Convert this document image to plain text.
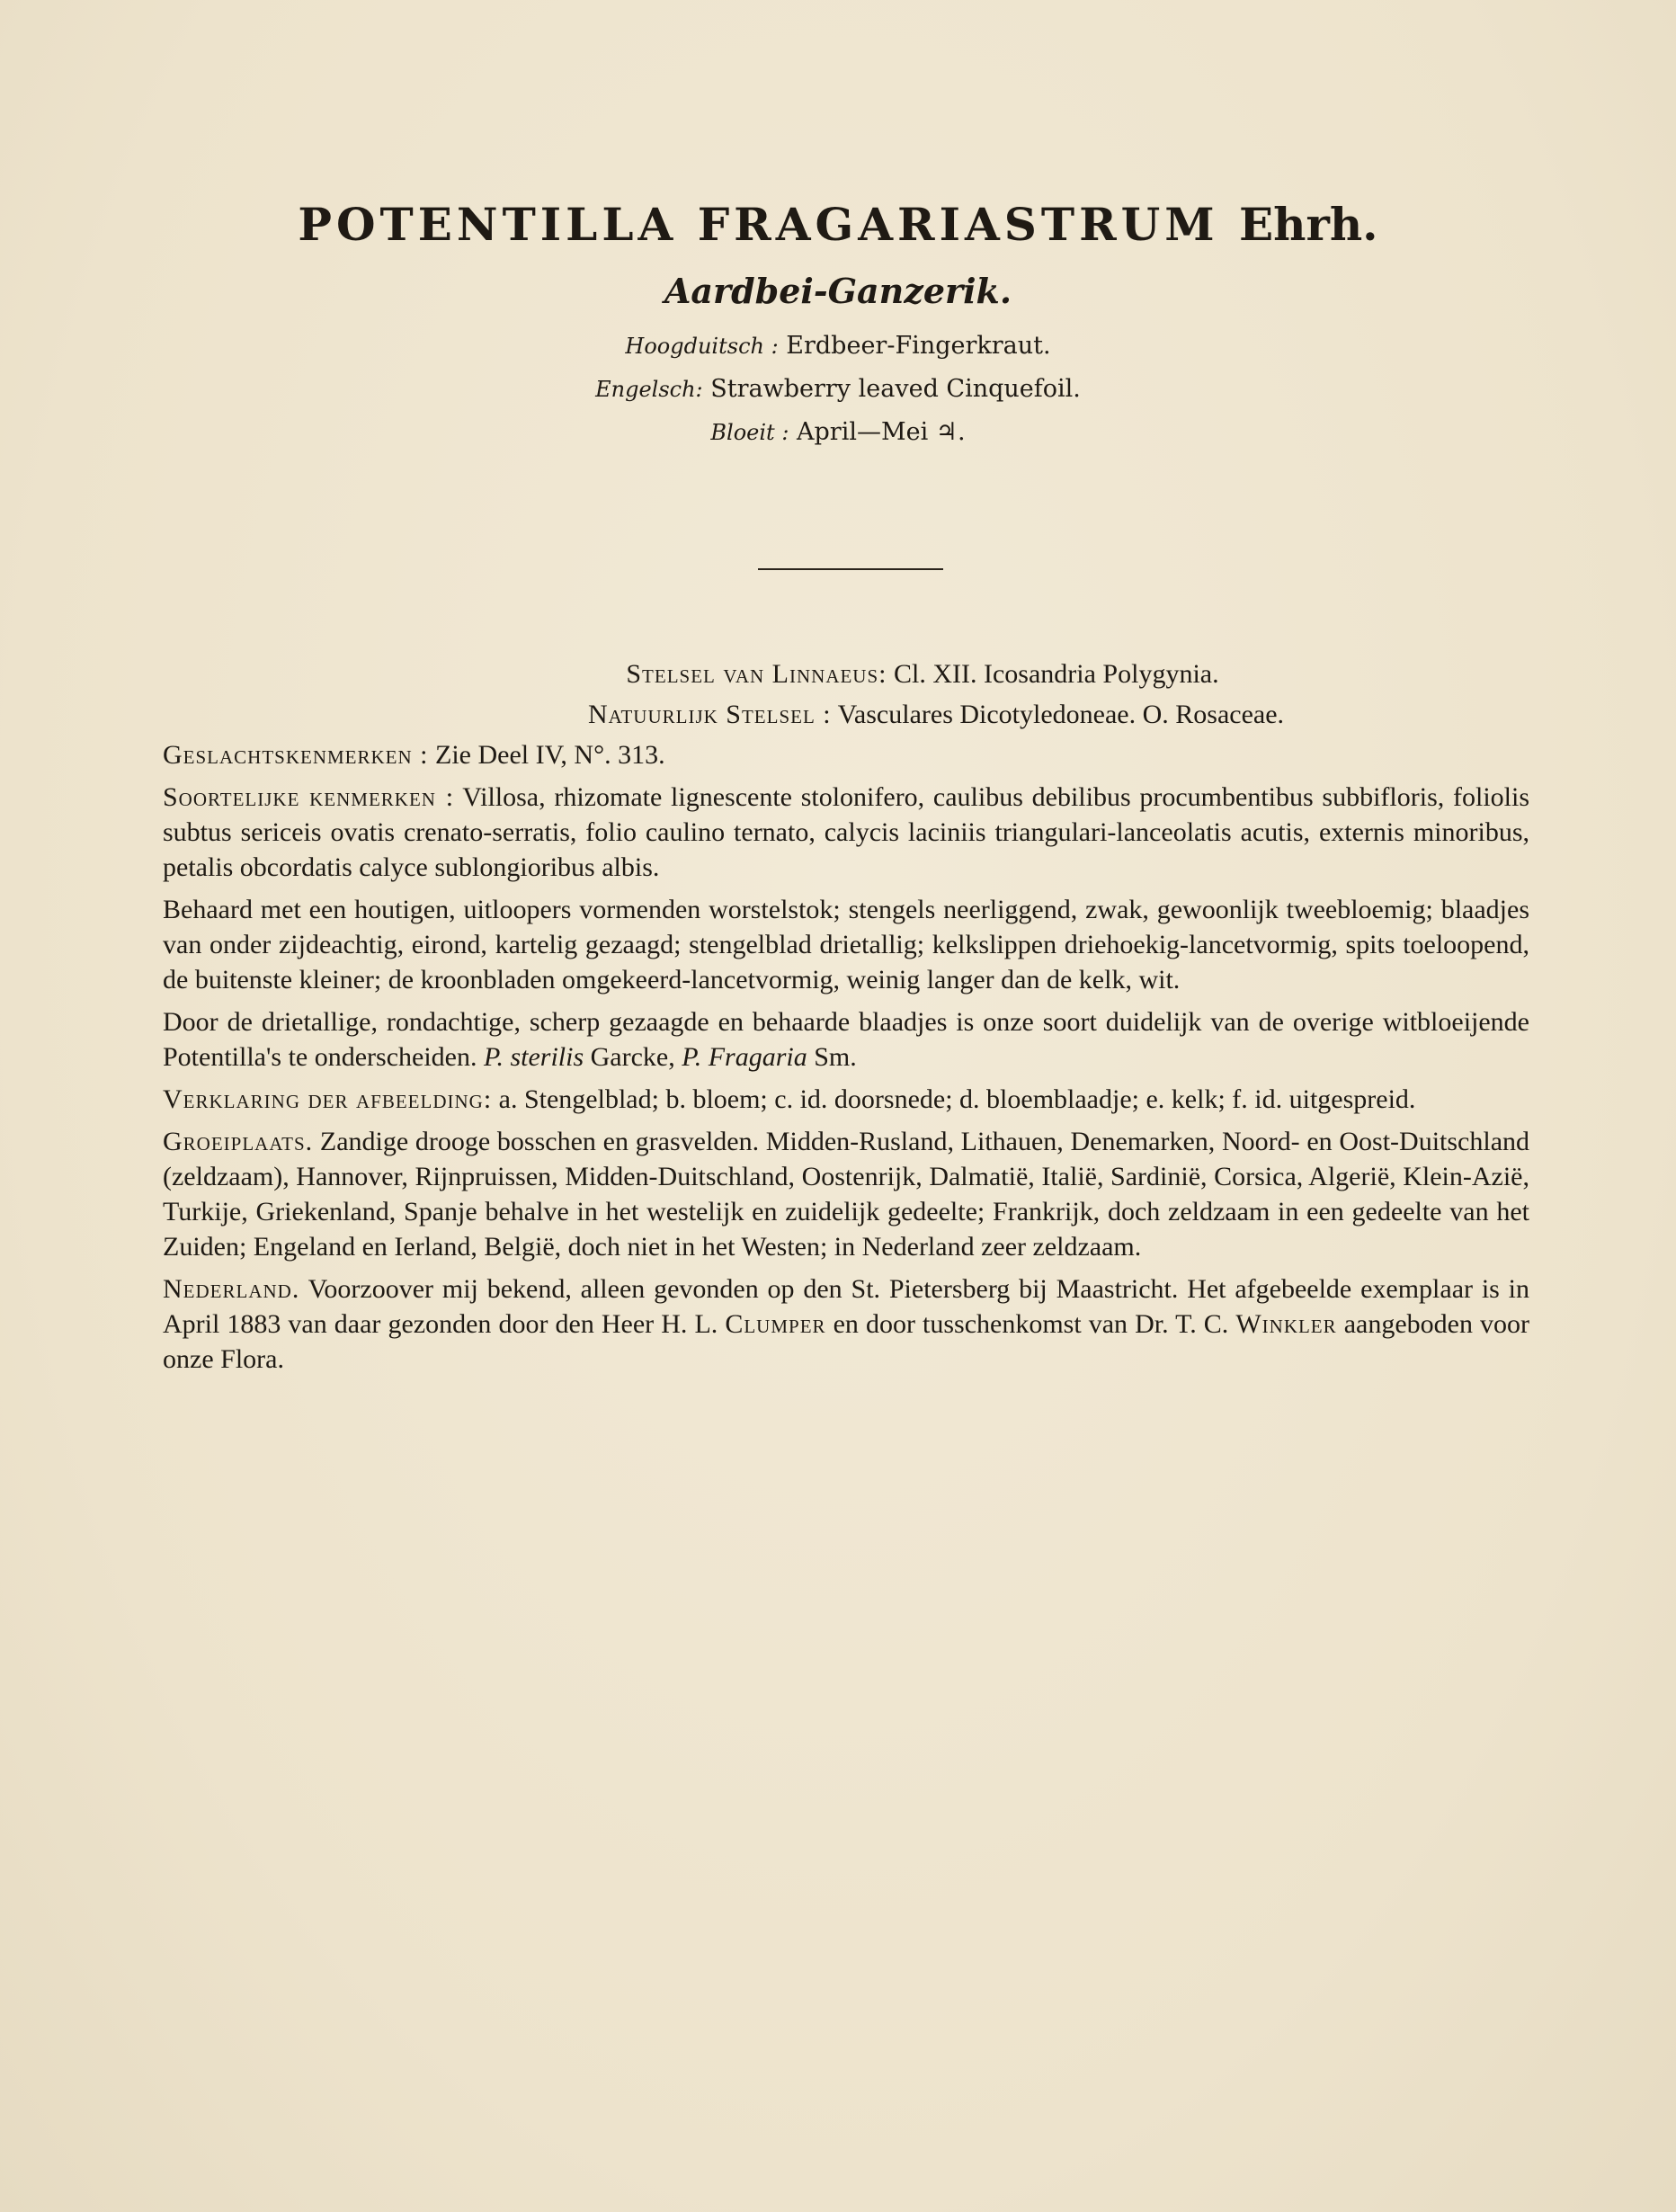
POTENTILLA FRAGARIASTRUM Ehrh.
Aardbei-Ganzerik.
Hoogduitsch : Erdbeer-Fingerkraut.
Engelsch: Strawberry leaved Cinquefoil.
Bloeit : April—Mei ♃.
Stelsel van Linnaeus: Cl. XII. Icosandria Polygynia.
Natuurlijk Stelsel : Vasculares Dicotyledoneae. O. Rosaceae.
Geslachtskenmerken : Zie Deel IV, N°. 313.

Soortelijke kenmerken : Villosa, rhizomate lignescente stolonifero, caulibus debilibus procumbentibus subbifloris, foliolis subtus sericeis ovatis crenato-serratis, folio caulino ternato, calycis laciniis triangulari-lanceolatis acutis, externis minoribus, petalis obcordatis calyce sublongioribus albis.

Behaard met een houtigen, uitloopers vormenden worstelstok; stengels neerliggend, zwak, gewoonlijk tweebloemig; blaadjes van onder zijdeachtig, eirond, kartelig gezaagd; stengelblad drietallig; kelkslippen driehoekig-lancetvormig, spits toeloopend, de buitenste kleiner; de kroonbladen omgekeerd-lancetvormig, weinig langer dan de kelk, wit.

Door de drietallige, rondachtige, scherp gezaagde en behaarde blaadjes is onze soort duidelijk van de overige witbloeijende Potentilla's te onderscheiden. P. sterilis Garcke, P. Fragaria Sm.

Verklaring der afbeelding: a. Stengelblad; b. bloem; c. id. doorsnede; d. bloemblaadje; e. kelk; f. id. uitgespreid.

Groeiplaats. Zandige drooge bosschen en grasvelden. Midden-Rusland, Lithauen, Denemarken, Noord- en Oost-Duitschland (zeldzaam), Hannover, Rijnpruissen, Midden-Duitschland, Oostenrijk, Dalmatië, Italië, Sardinië, Corsica, Algerië, Klein-Azië, Turkije, Griekenland, Spanje behalve in het westelijk en zuidelijk gedeelte; Frankrijk, doch zeldzaam in een gedeelte van het Zuiden; Engeland en Ierland, België, doch niet in het Westen; in Nederland zeer zeldzaam.

Nederland. Voorzoover mij bekend, alleen gevonden op den St. Pietersberg bij Maastricht. Het afgebeelde exemplaar is in April 1883 van daar gezonden door den Heer H. L. Clumper en door tusschenkomst van Dr. T. C. Winkler aangeboden voor onze Flora.
